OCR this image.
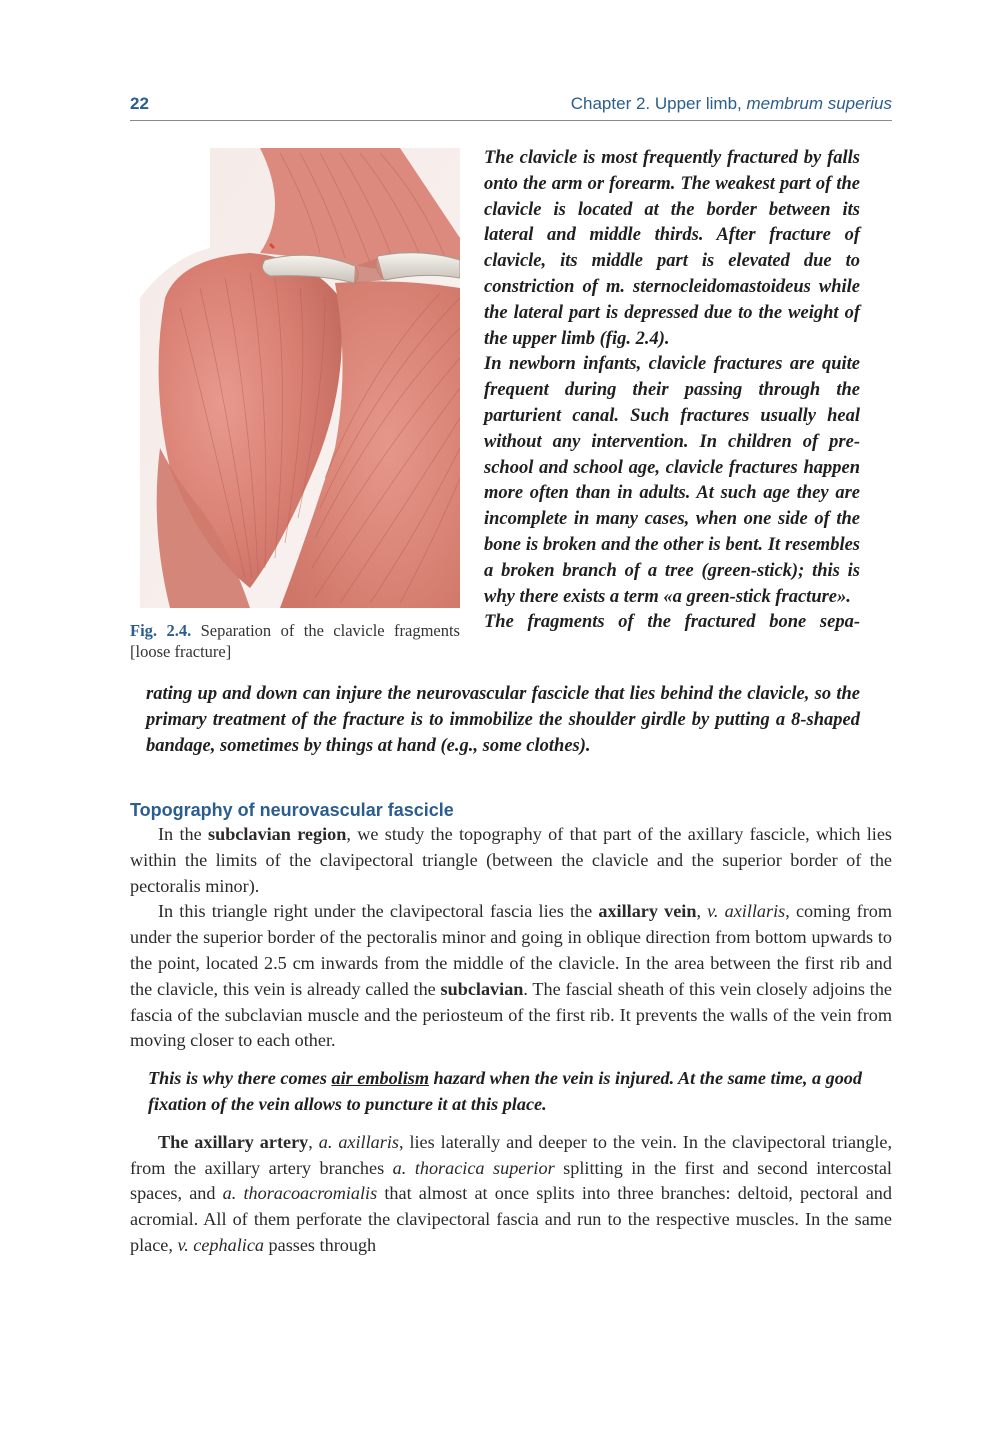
22	Chapter 2. Upper limb, membrum superius
Fig. 2.4. Separation of the clavicle fragments [loose fracture]

The clavicle is most frequently fractured by falls onto the arm or forearm. The weakest part of the clavicle is located at the border between its lateral and middle thirds. After fracture of clavicle, its middle part is elevated due to constriction of m. sternocleidomastoideus while the lateral part is depressed due to the weight of the upper limb (fig. 2.4).

In newborn infants, clavicle fractures are quite frequent during their passing through the parturient canal. Such fractures usually heal without any intervention. In children of pre-school and school age, clavicle fractures happen more often than in adults. At such age they are incomplete in many cases, when one side of the bone is broken and the other is bent. It resembles a broken branch of a tree (green-stick); this is why there exists a term «a green-stick fracture».

The fragments of the fractured bone sepa-

rating up and down can injure the neurovascular fascicle that lies behind the clavicle, so the primary treatment of the fracture is to immobilize the shoulder girdle by putting a 8-shaped bandage, sometimes by things at hand (e.g., some clothes).

Topography of neurovascular fascicle

In the subclavian region, we study the topography of that part of the axillary fascicle, which lies within the limits of the clavipectoral triangle (between the clavicle and the superior border of the pectoralis minor).

In this triangle right under the clavipectoral fascia lies the axillary vein, v. axillaris, coming from under the superior border of the pectoralis minor and going in oblique direction from bottom upwards to the point, located 2.5 cm inwards from the middle of the clavicle. In the area between the first rib and the clavicle, this vein is already called the subclavian. The fascial sheath of this vein closely adjoins the fascia of the subclavian muscle and the periosteum of the first rib. It prevents the walls of the vein from moving closer to each other.

This is why there comes air embolism hazard when the vein is injured. At the same time, a good fixation of the vein allows to puncture it at this place.

The axillary artery, a. axillaris, lies laterally and deeper to the vein. In the clavipectoral triangle, from the axillary artery branches a. thoracica superior splitting in the first and second intercostal spaces, and a. thoracoacromialis that almost at once splits into three branches: deltoid, pectoral and acromial. All of them perforate the clavipectoral fascia and run to the respective muscles. In the same place, v. cephalica passes through
